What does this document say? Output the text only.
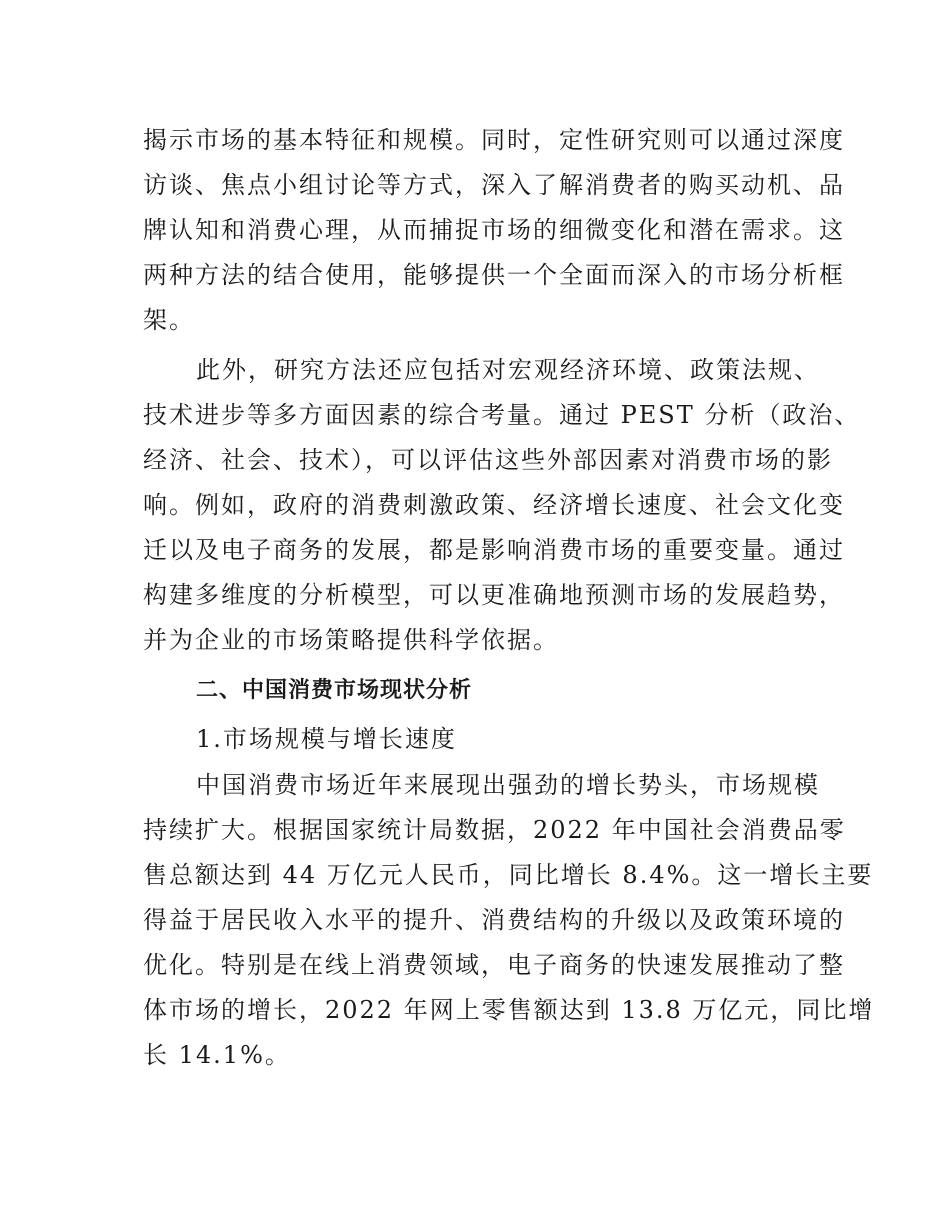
揭示市场的基本特征和规模。同时，定性研究则可以通过深度
访谈、焦点小组讨论等方式，深入了解消费者的购买动机、品
牌认知和消费心理，从而捕捉市场的细微变化和潜在需求。这
两种方法的结合使用，能够提供一个全面而深入的市场分析框
架。
此外，研究方法还应包括对宏观经济环境、政策法规、
技术进步等多方面因素的综合考量。通过 PEST 分析（政治、
经济、社会、技术），可以评估这些外部因素对消费市场的影
响。例如，政府的消费刺激政策、经济增长速度、社会文化变
迁以及电子商务的发展，都是影响消费市场的重要变量。通过
构建多维度的分析模型，可以更准确地预测市场的发展趋势，
并为企业的市场策略提供科学依据。
二、中国消费市场现状分析
1.市场规模与增长速度
中国消费市场近年来展现出强劲的增长势头，市场规模
持续扩大。根据国家统计局数据，2022 年中国社会消费品零
售总额达到 44 万亿元人民币，同比增长 8.4%。这一增长主要
得益于居民收入水平的提升、消费结构的升级以及政策环境的
优化。特别是在线上消费领域，电子商务的快速发展推动了整
体市场的增长，2022 年网上零售额达到 13.8 万亿元，同比增
长 14.1%。
